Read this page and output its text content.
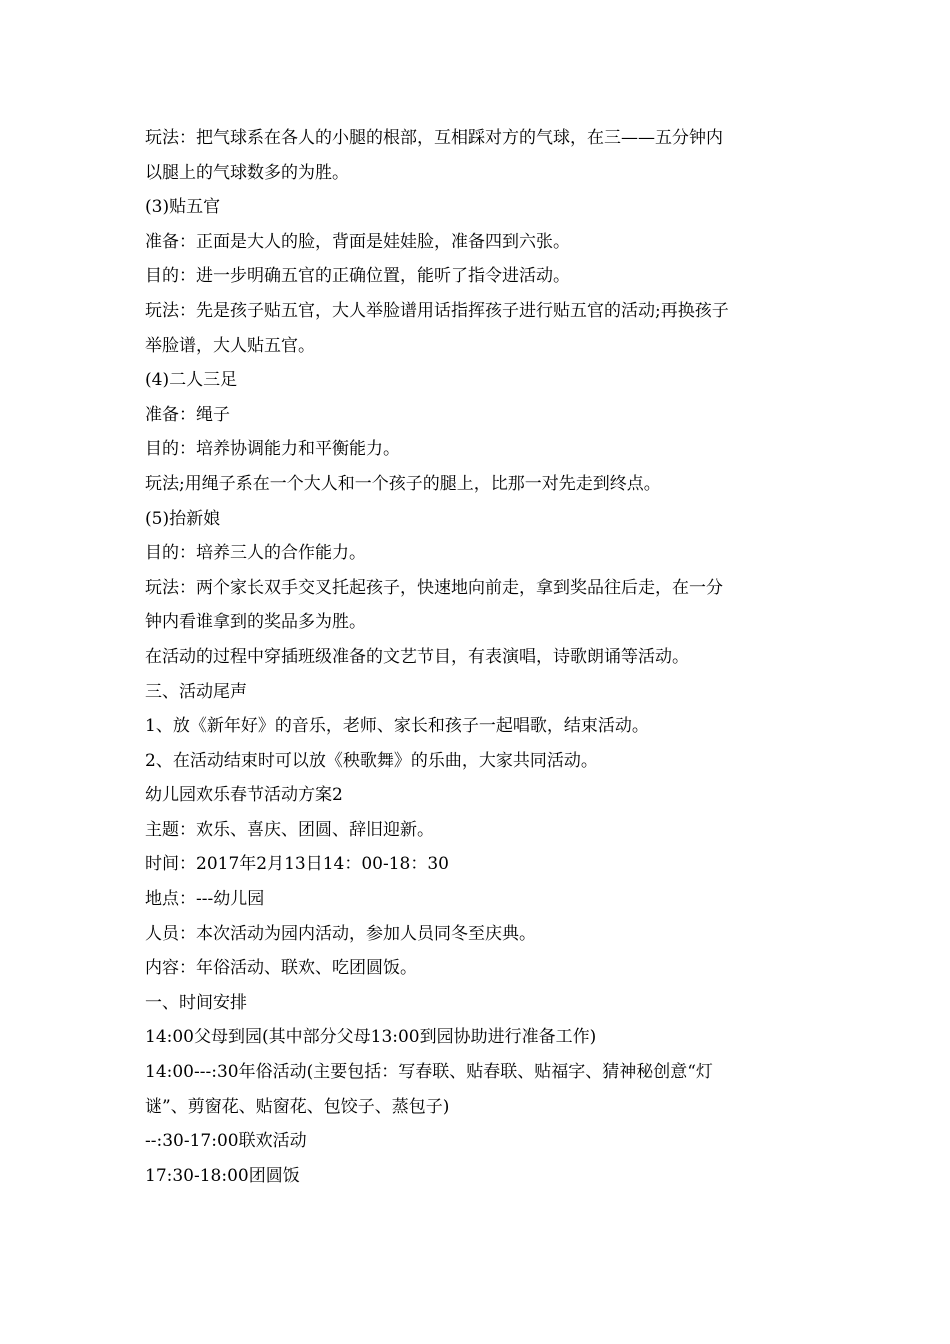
玩法：把气球系在各人的小腿的根部，互相踩对方的气球，在三——五分钟内
以腿上的气球数多的为胜。
(3)贴五官
准备：正面是大人的脸，背面是娃娃脸，准备四到六张。
目的：进一步明确五官的正确位置，能听了指令进活动。
玩法：先是孩子贴五官，大人举脸谱用话指挥孩子进行贴五官的活动;再换孩子
举脸谱，大人贴五官。
(4)二人三足
准备：绳子
目的：培养协调能力和平衡能力。
玩法;用绳子系在一个大人和一个孩子的腿上，比那一对先走到终点。
(5)抬新娘
目的：培养三人的合作能力。
玩法：两个家长双手交叉托起孩子，快速地向前走，拿到奖品往后走，在一分
钟内看谁拿到的奖品多为胜。
在活动的过程中穿插班级准备的文艺节目，有表演唱，诗歌朗诵等活动。
三、活动尾声
1、放《新年好》的音乐，老师、家长和孩子一起唱歌，结束活动。
2、在活动结束时可以放《秧歌舞》的乐曲，大家共同活动。
幼儿园欢乐春节活动方案2
主题：欢乐、喜庆、团圆、辞旧迎新。
时间：2017年2月13日14：00-18：30
地点：---幼儿园
人员：本次活动为园内活动，参加人员同冬至庆典。
内容：年俗活动、联欢、吃团圆饭。
一、时间安排
14:00父母到园(其中部分父母13:00到园协助进行准备工作)
14:00---:30年俗活动(主要包括：写春联、贴春联、贴福字、猜神秘创意“灯
谜”、剪窗花、贴窗花、包饺子、蒸包子)
--:30-17:00联欢活动
17:30-18:00团圆饭
